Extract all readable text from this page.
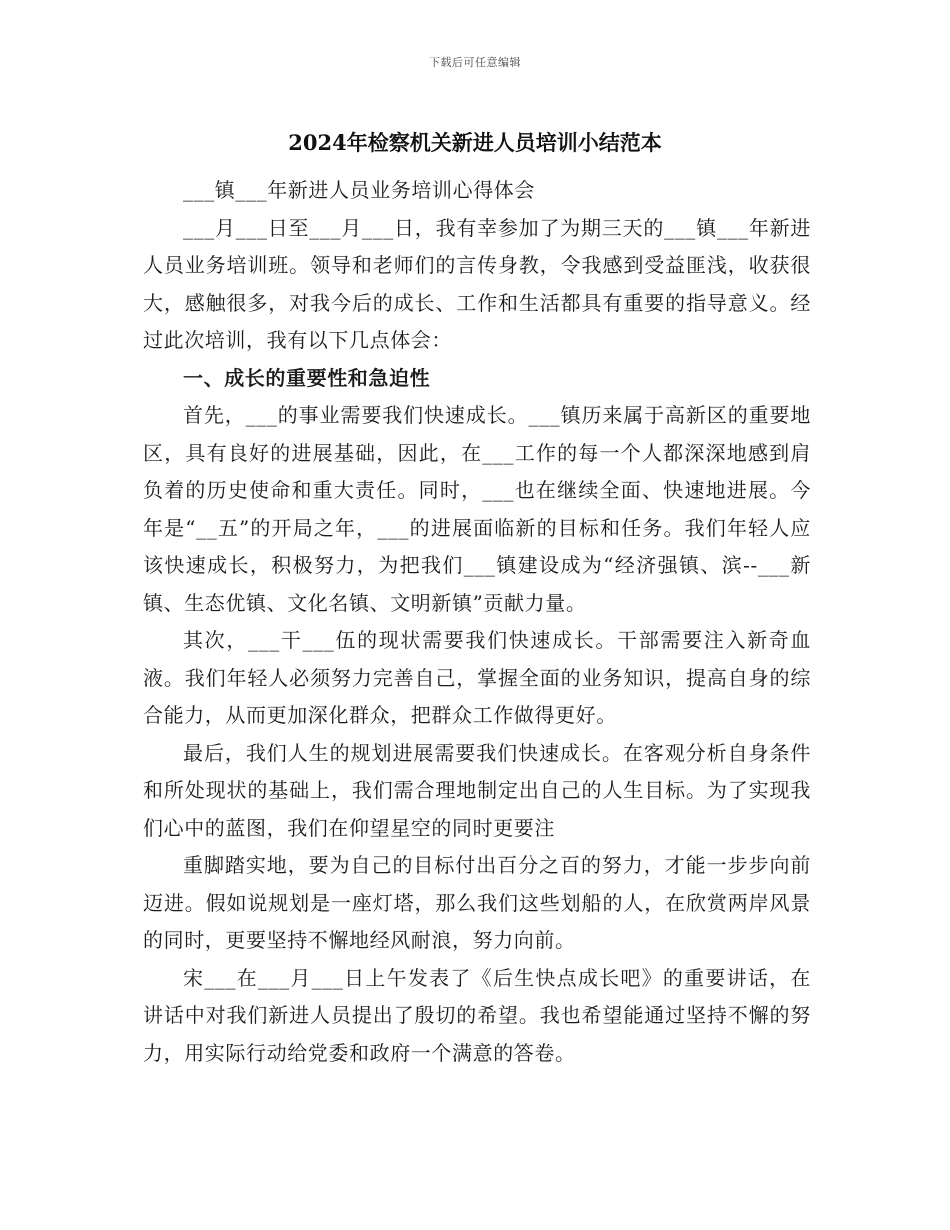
下载后可任意编辑
2024年检察机关新进人员培训小结范本

___镇___年新进人员业务培训心得体会

___月___日至___月___日，我有幸参加了为期三天的___镇___年新进人员业务培训班。领导和老师们的言传身教，令我感到受益匪浅，收获很大，感触很多，对我今后的成长、工作和生活都具有重要的指导意义。经过此次培训，我有以下几点体会：

一、成长的重要性和急迫性

首先，___的事业需要我们快速成长。___镇历来属于高新区的重要地区，具有良好的进展基础，因此，在___工作的每一个人都深深地感到肩负着的历史使命和重大责任。同时，___也在继续全面、快速地进展。今年是“__五”的开局之年，___的进展面临新的目标和任务。我们年轻人应该快速成长，积极努力，为把我们___镇建设成为“经济强镇、滨--___新镇、生态优镇、文化名镇、文明新镇”贡献力量。

其次，___干___伍的现状需要我们快速成长。干部需要注入新奇血液。我们年轻人必须努力完善自己，掌握全面的业务知识，提高自身的综合能力，从而更加深化群众，把群众工作做得更好。

最后，我们人生的规划进展需要我们快速成长。在客观分析自身条件和所处现状的基础上，我们需合理地制定出自己的人生目标。为了实现我们心中的蓝图，我们在仰望星空的同时更要注

重脚踏实地，要为自己的目标付出百分之百的努力，才能一步步向前迈进。假如说规划是一座灯塔，那么我们这些划船的人，在欣赏两岸风景的同时，更要坚持不懈地经风耐浪，努力向前。

宋___在___月___日上午发表了《后生快点成长吧》的重要讲话，在讲话中对我们新进人员提出了殷切的希望。我也希望能通过坚持不懈的努力，用实际行动给党委和政府一个满意的答卷。
